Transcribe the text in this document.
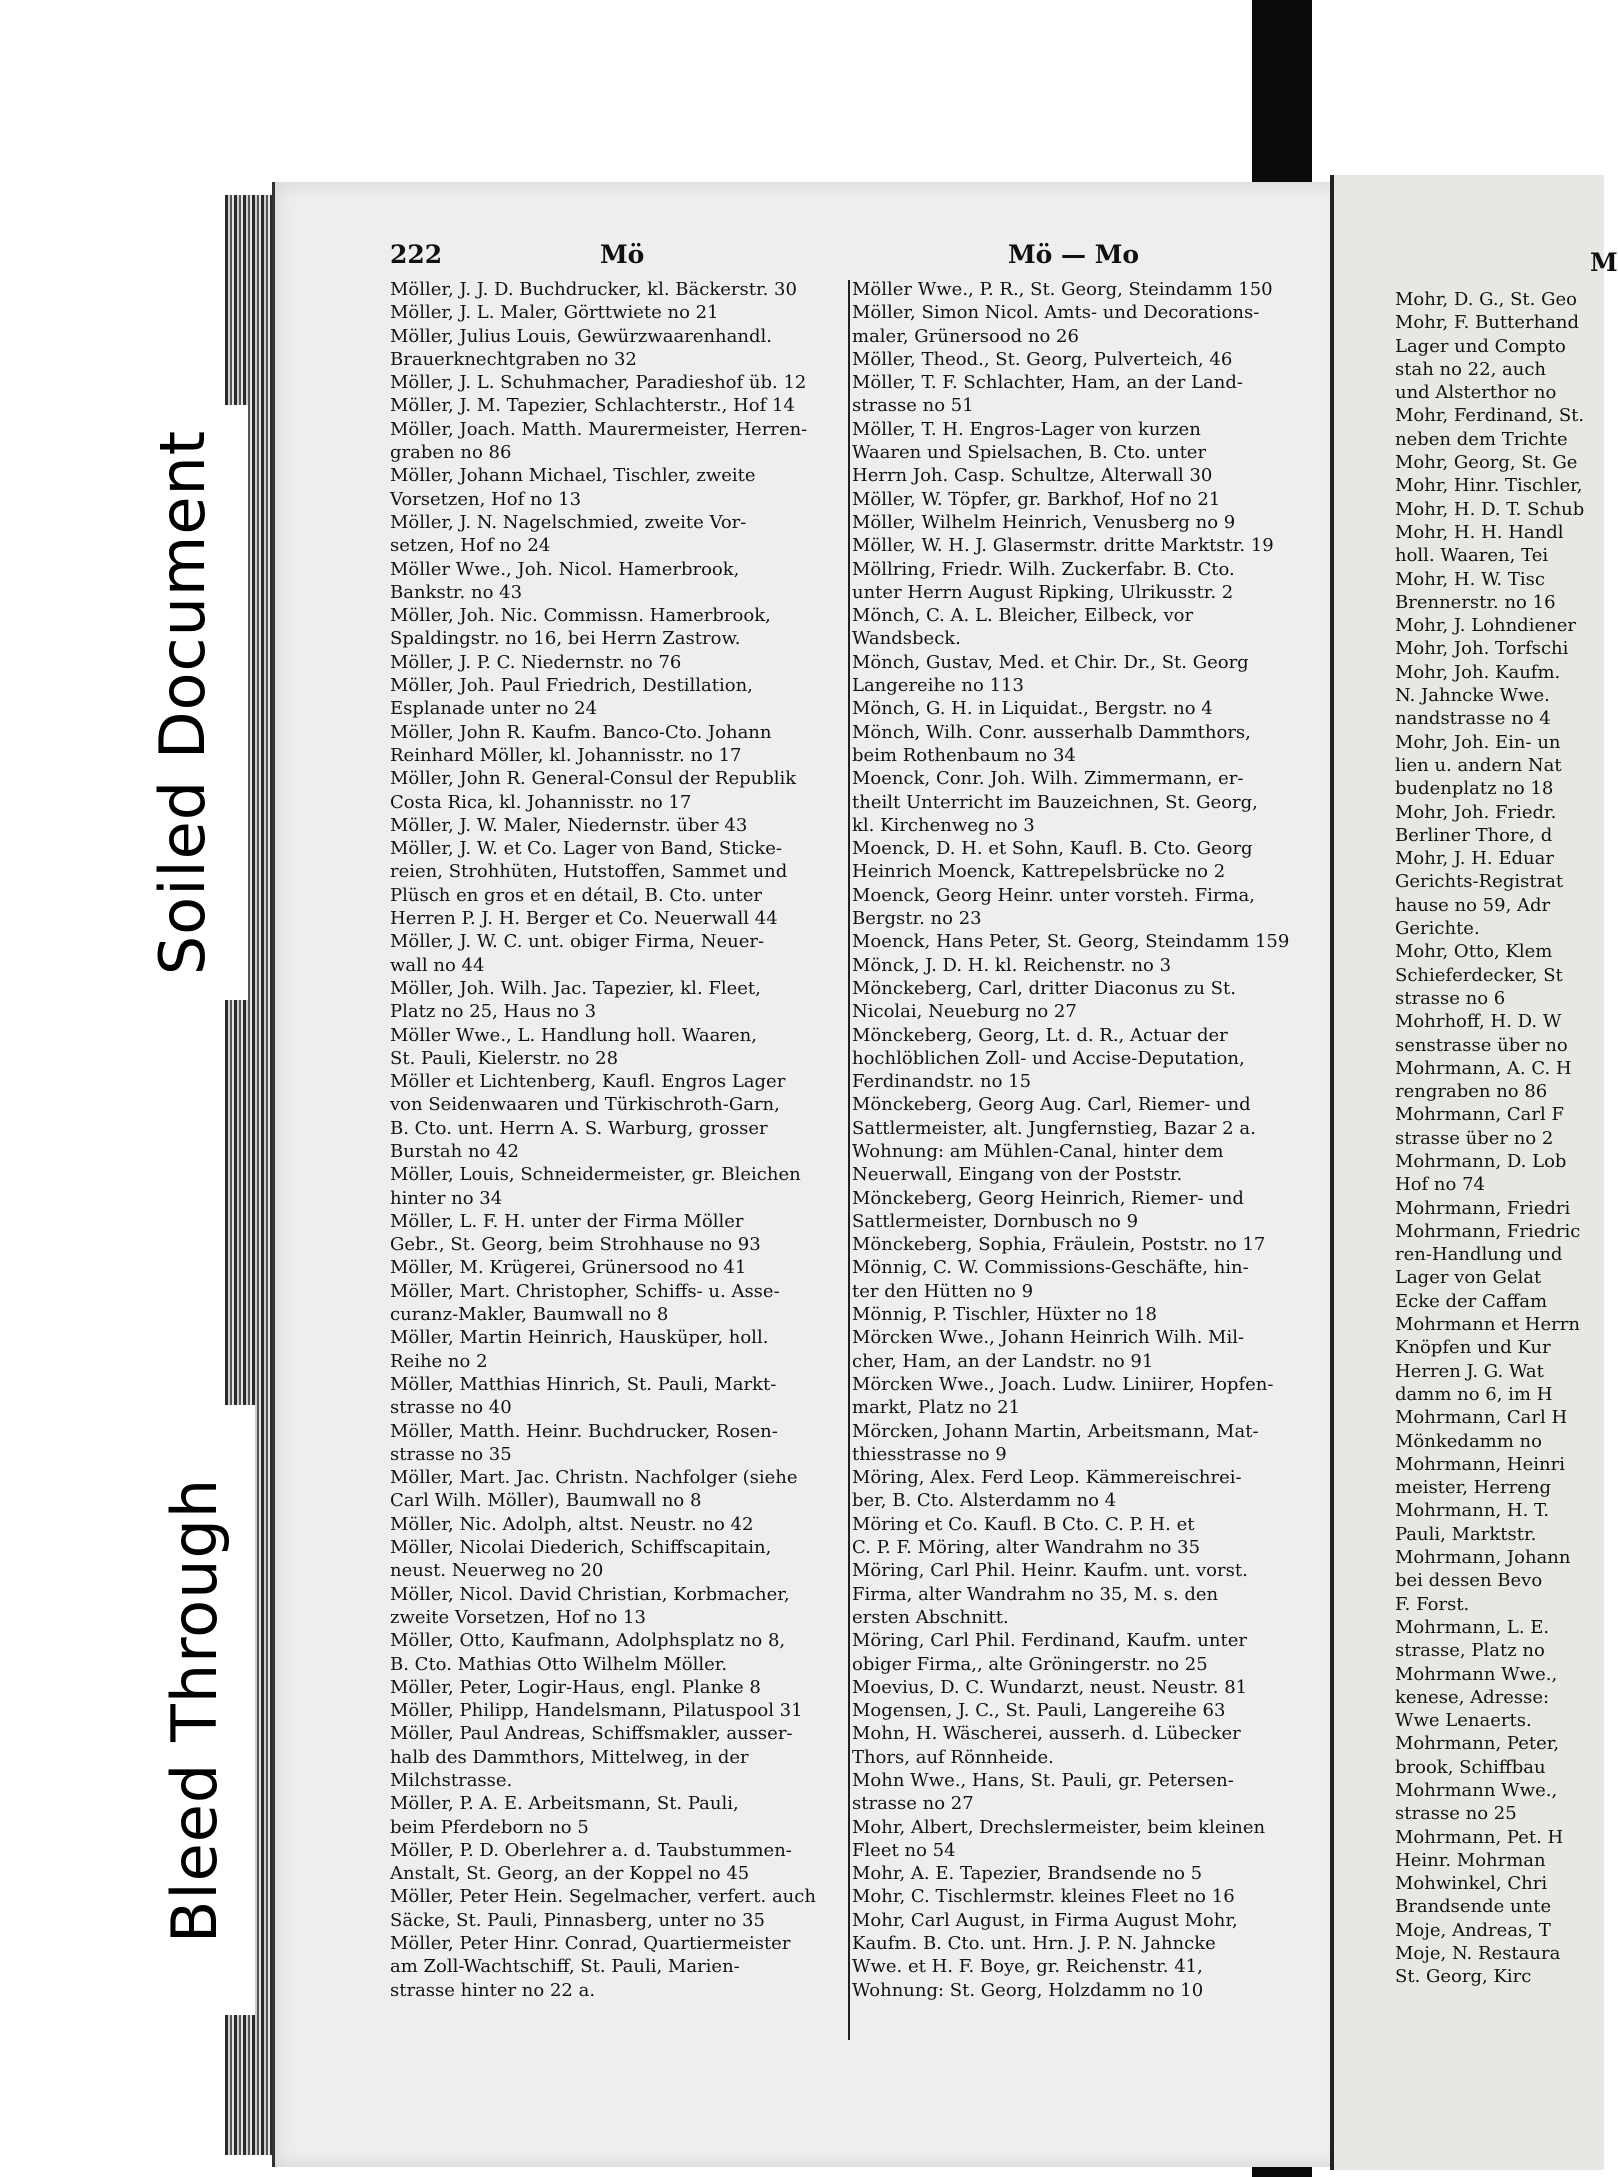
222	Mö	Mö — Mo	M
Möller, J. J. D. Buchdrucker, kl. Bäckerstr. 30
Möller, J. L. Maler, Görttwiete no 21
Möller, Julius Louis, Gewürzwaarenhandl.
Brauerknechtgraben no 32
Möller, J. L. Schuhmacher, Paradieshof üb. 12
Möller, J. M. Tapezier, Schlachterstr., Hof 14
Möller, Joach. Matth. Maurermeister, Herren-
graben no 86
Möller, Johann Michael, Tischler, zweite
Vorsetzen, Hof no 13
Möller, J. N. Nagelschmied, zweite Vor-
setzen, Hof no 24
Möller Wwe., Joh. Nicol. Hamerbrook,
Bankstr. no 43
Möller, Joh. Nic. Commissn. Hamerbrook,
Spaldingstr. no 16, bei Herrn Zastrow.
Möller, J. P. C. Niedernstr. no 76
Möller, Joh. Paul Friedrich, Destillation,
Esplanade unter no 24
Möller, John R. Kaufm. Banco-Cto. Johann
Reinhard Möller, kl. Johannisstr. no 17
Möller, John R. General-Consul der Republik
Costa Rica, kl. Johannisstr. no 17
Möller, J. W. Maler, Niedernstr. über 43
Möller, J. W. et Co. Lager von Band, Sticke-
reien, Strohhüten, Hutstoffen, Sammet und
Plüsch en gros et en détail, B. Cto. unter
Herren P. J. H. Berger et Co. Neuerwall 44
Möller, J. W. C. unt. obiger Firma, Neuer-
wall no 44
Möller, Joh. Wilh. Jac. Tapezier, kl. Fleet,
Platz no 25, Haus no 3
Möller Wwe., L. Handlung holl. Waaren,
St. Pauli, Kielerstr. no 28
Möller et Lichtenberg, Kaufl. Engros Lager
von Seidenwaaren und Türkischroth-Garn,
B. Cto. unt. Herrn A. S. Warburg, grosser
Burstah no 42
Möller, Louis, Schneidermeister, gr. Bleichen
hinter no 34
Möller, L. F. H. unter der Firma Möller
Gebr., St. Georg, beim Strohhause no 93
Möller, M. Krügerei, Grünersood no 41
Möller, Mart. Christopher, Schiffs- u. Asse-
curanz-Makler, Baumwall no 8
Möller, Martin Heinrich, Hausküper, holl.
Reihe no 2
Möller, Matthias Hinrich, St. Pauli, Markt-
strasse no 40
Möller, Matth. Heinr. Buchdrucker, Rosen-
strasse no 35
Möller, Mart. Jac. Christn. Nachfolger (siehe
Carl Wilh. Möller), Baumwall no 8
Möller, Nic. Adolph, altst. Neustr. no 42
Möller, Nicolai Diederich, Schiffscapitain,
neust. Neuerweg no 20
Möller, Nicol. David Christian, Korbmacher,
zweite Vorsetzen, Hof no 13
Möller, Otto, Kaufmann, Adolphsplatz no 8,
B. Cto. Mathias Otto Wilhelm Möller.
Möller, Peter, Logir-Haus, engl. Planke 8
Möller, Philipp, Handelsmann, Pilatuspool 31
Möller, Paul Andreas, Schiffsmakler, ausser-
halb des Dammthors, Mittelweg, in der
Milchstrasse.
Möller, P. A. E. Arbeitsmann, St. Pauli,
beim Pferdeborn no 5
Möller, P. D. Oberlehrer a. d. Taubstummen-
Anstalt, St. Georg, an der Koppel no 45
Möller, Peter Hein. Segelmacher, verfert. auch
Säcke, St. Pauli, Pinnasberg, unter no 35
Möller, Peter Hinr. Conrad, Quartiermeister
am Zoll-Wachtschiff, St. Pauli, Marien-
strasse hinter no 22 a.
Möller Wwe., P. R., St. Georg, Steindamm 150
Möller, Simon Nicol. Amts- und Decorations-
maler, Grünersood no 26
Möller, Theod., St. Georg, Pulverteich, 46
Möller, T. F. Schlachter, Ham, an der Land-
strasse no 51
Möller, T. H. Engros-Lager von kurzen
Waaren und Spielsachen, B. Cto. unter
Herrn Joh. Casp. Schultze, Alterwall 30
Möller, W. Töpfer, gr. Barkhof, Hof no 21
Möller, Wilhelm Heinrich, Venusberg no 9
Möller, W. H. J. Glasermstr. dritte Marktstr. 19
Möllring, Friedr. Wilh. Zuckerfabr. B. Cto.
unter Herrn August Ripking, Ulrikusstr. 2
Mönch, C. A. L. Bleicher, Eilbeck, vor
Wandsbeck.
Mönch, Gustav, Med. et Chir. Dr., St. Georg
Langereihe no 113
Mönch, G. H. in Liquidat., Bergstr. no 4
Mönch, Wilh. Conr. ausserhalb Dammthors,
beim Rothenbaum no 34
Moenck, Conr. Joh. Wilh. Zimmermann, er-
theilt Unterricht im Bauzeichnen, St. Georg,
kl. Kirchenweg no 3
Moenck, D. H. et Sohn, Kaufl. B. Cto. Georg
Heinrich Moenck, Kattrepelsbrücke no 2
Moenck, Georg Heinr. unter vorsteh. Firma,
Bergstr. no 23
Moenck, Hans Peter, St. Georg, Steindamm 159
Mönck, J. D. H. kl. Reichenstr. no 3
Mönckeberg, Carl, dritter Diaconus zu St.
Nicolai, Neueburg no 27
Mönckeberg, Georg, Lt. d. R., Actuar der
hochlöblichen Zoll- und Accise-Deputation,
Ferdinandstr. no 15
Mönckeberg, Georg Aug. Carl, Riemer- und
Sattlermeister, alt. Jungfernstieg, Bazar 2 a.
Wohnung: am Mühlen-Canal, hinter dem
Neuerwall, Eingang von der Poststr.
Mönckeberg, Georg Heinrich, Riemer- und
Sattlermeister, Dornbusch no 9
Mönckeberg, Sophia, Fräulein, Poststr. no 17
Mönnig, C. W. Commissions-Geschäfte, hin-
ter den Hütten no 9
Mönnig, P. Tischler, Hüxter no 18
Mörcken Wwe., Johann Heinrich Wilh. Mil-
cher, Ham, an der Landstr. no 91
Mörcken Wwe., Joach. Ludw. Liniirer, Hopfen-
markt, Platz no 21
Mörcken, Johann Martin, Arbeitsmann, Mat-
thiesstrasse no 9
Möring, Alex. Ferd Leop. Kämmereischrei-
ber, B. Cto. Alsterdamm no 4
Möring et Co. Kaufl. B Cto. C. P. H. et
C. P. F. Möring, alter Wandrahm no 35
Möring, Carl Phil. Heinr. Kaufm. unt. vorst.
Firma, alter Wandrahm no 35, M. s. den
ersten Abschnitt.
Möring, Carl Phil. Ferdinand, Kaufm. unter
obiger Firma,, alte Gröningerstr. no 25
Moevius, D. C. Wundarzt, neust. Neustr. 81
Mogensen, J. C., St. Pauli, Langereihe 63
Mohn, H. Wäscherei, ausserh. d. Lübecker
Thors, auf Rönnheide.
Mohn Wwe., Hans, St. Pauli, gr. Petersen-
strasse no 27
Mohr, Albert, Drechslermeister, beim kleinen
Fleet no 54
Mohr, A. E. Tapezier, Brandsende no 5
Mohr, C. Tischlermstr. kleines Fleet no 16
Mohr, Carl August, in Firma August Mohr,
Kaufm. B. Cto. unt. Hrn. J. P. N. Jahncke
Wwe. et H. F. Boye, gr. Reichenstr. 41,
Wohnung: St. Georg, Holzdamm no 10
Mohr, D. G., St. Geo
Mohr, F. Butterhand
Lager und Compto
stah no 22, auch
und Alsterthor no
Mohr, Ferdinand, St.
neben dem Trichte
Mohr, Georg, St. Ge
Mohr, Hinr. Tischler,
Mohr, H. D. T. Schub
Mohr, H. H. Handl
holl. Waaren, Tei
Mohr, H. W. Tisc
Brennerstr. no 16
Mohr, J. Lohndiener
Mohr, Joh. Torfschi
Mohr, Joh. Kaufm.
N. Jahncke Wwe.
nandstrasse no 4
Mohr, Joh. Ein- un
lien u. andern Nat
budenplatz no 18
Mohr, Joh. Friedr.
Berliner Thore, d
Mohr, J. H. Eduar
Gerichts-Registrat
hause no 59, Adr
Gerichte.
Mohr, Otto, Klem
Schieferdecker, St
strasse no 6
Mohrhoff, H. D. W
senstrasse über no
Mohrmann, A. C. H
rengraben no 86
Mohrmann, Carl F
strasse über no 2
Mohrmann, D. Lob
Hof no 74
Mohrmann, Friedri
Mohrmann, Friedric
ren-Handlung und
Lager von Gelat
Ecke der Caffam
Mohrmann et Herrn
Knöpfen und Kur
Herren J. G. Wat
damm no 6, im H
Mohrmann, Carl H
Mönkedamm no
Mohrmann, Heinri
meister, Herreng
Mohrmann, H. T.
Pauli, Marktstr.
Mohrmann, Johann
bei dessen Bevo
F. Forst.
Mohrmann, L. E.
strasse, Platz no
Mohrmann Wwe.,
kenese, Adresse:
Wwe Lenaerts.
Mohrmann, Peter,
brook, Schiffbau
Mohrmann Wwe.,
strasse no 25
Mohrmann, Pet. H
Heinr. Mohrman
Mohwinkel, Chri
Brandsende unte
Moje, Andreas, T
Moje, N. Restaura
St. Georg, Kirc
Soiled Document
Bleed Through
